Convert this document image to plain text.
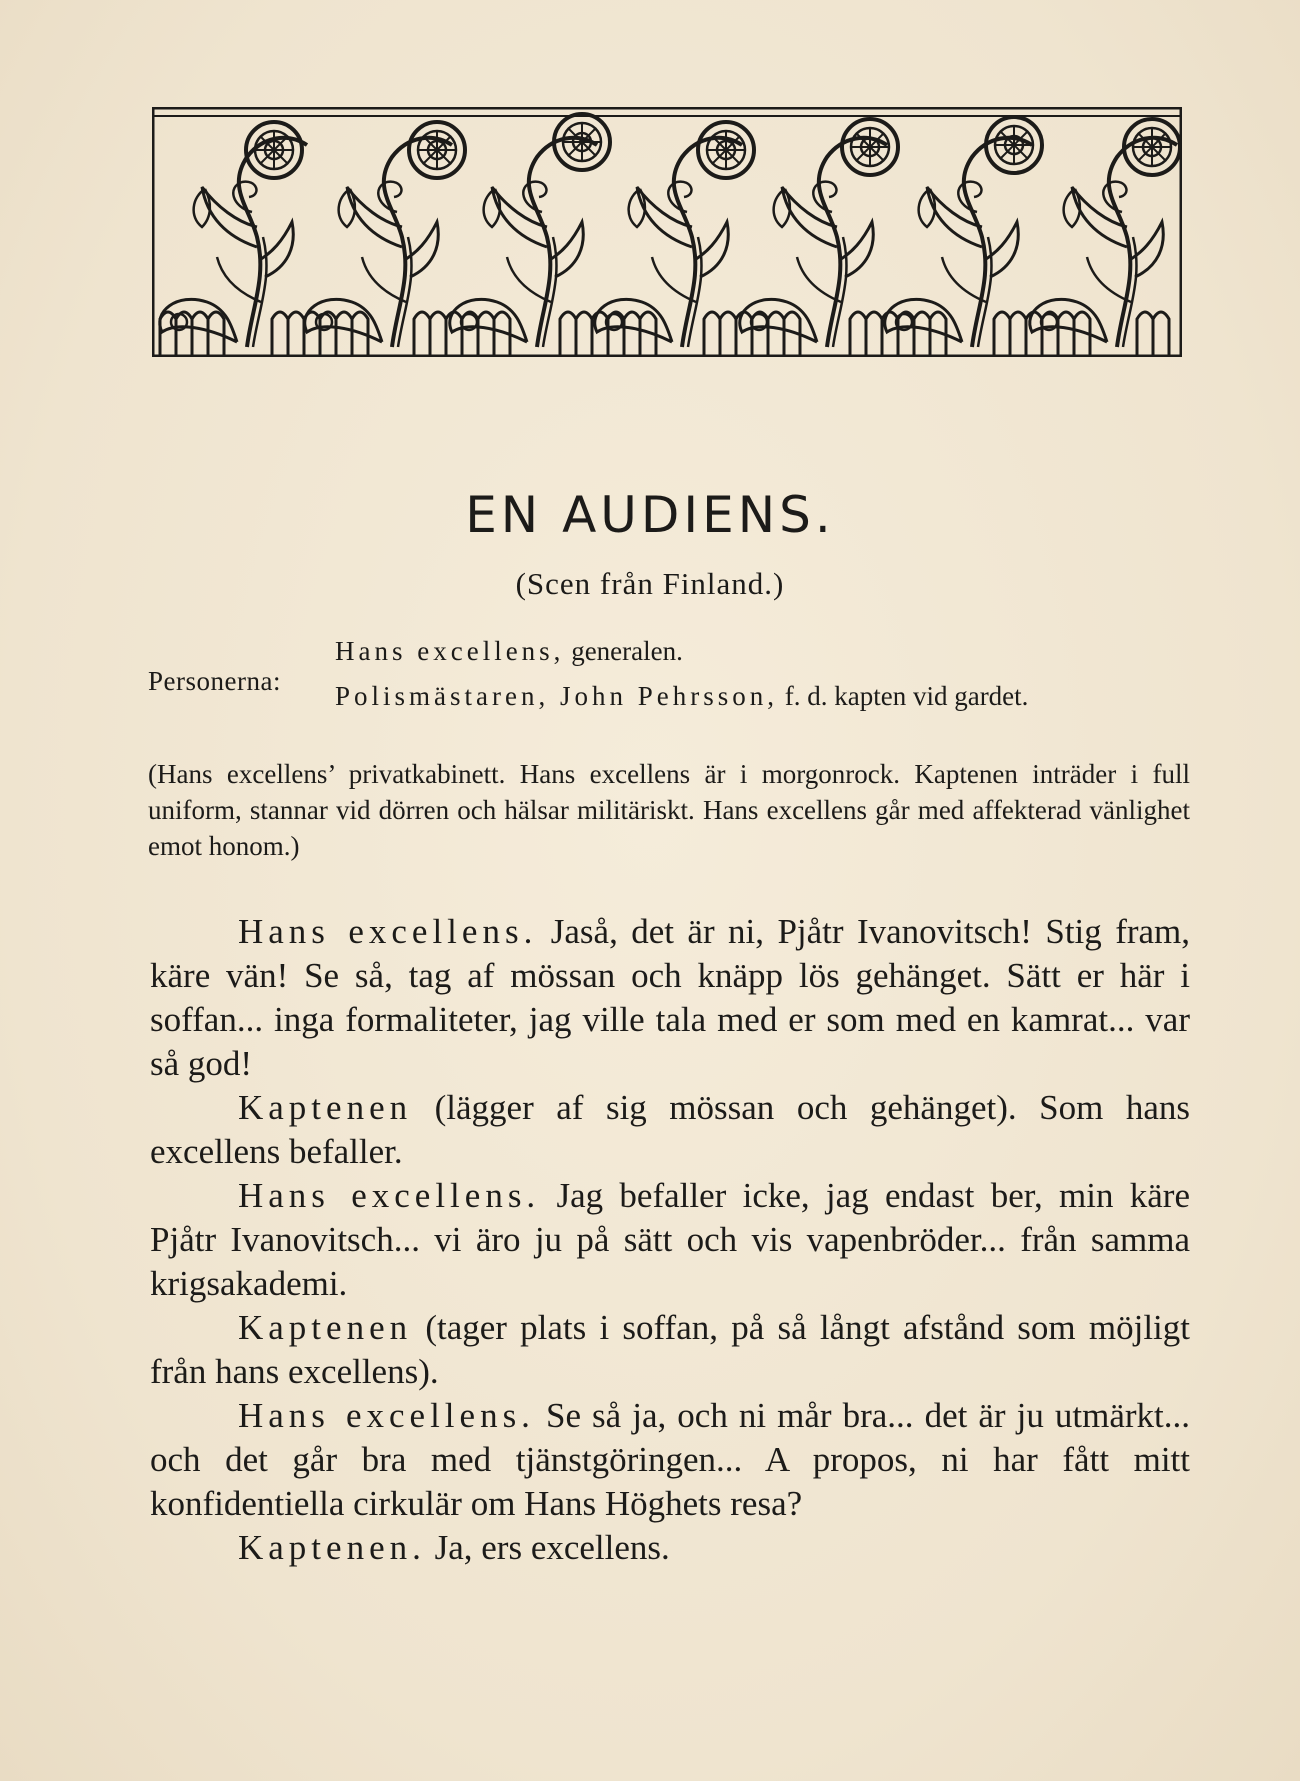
EN AUDIENS.
(Scen från Finland.)
Personerna:
Hans excellens, generalen.
Polismästaren, John Pehrsson, f. d. kapten vid gardet.

(Hans excellens’ privatkabinett. Hans excellens är i morgonrock. Kaptenen inträder i full uniform, stannar vid dörren och hälsar militäriskt. Hans excellens går med affekterad vänlighet emot honom.)

Hans excellens. Jaså, det är ni, Pjåtr Ivanovitsch! Stig fram, käre vän! Se så, tag af mössan och knäpp lös gehänget. Sätt er här i soffan... inga formaliteter, jag ville tala med er som med en kamrat... var så god!

Kaptenen (lägger af sig mössan och gehänget). Som hans excellens befaller.

Hans excellens. Jag befaller icke, jag endast ber, min käre Pjåtr Ivanovitsch... vi äro ju på sätt och vis vapenbröder... från samma krigsakademi.

Kaptenen (tager plats i soffan, på så långt afstånd som möjligt från hans excellens).

Hans excellens. Se så ja, och ni mår bra... det är ju utmärkt... och det går bra med tjänstgöringen... A propos, ni har fått mitt konfidentiella cirkulär om Hans Höghets resa?

Kaptenen. Ja, ers excellens.
